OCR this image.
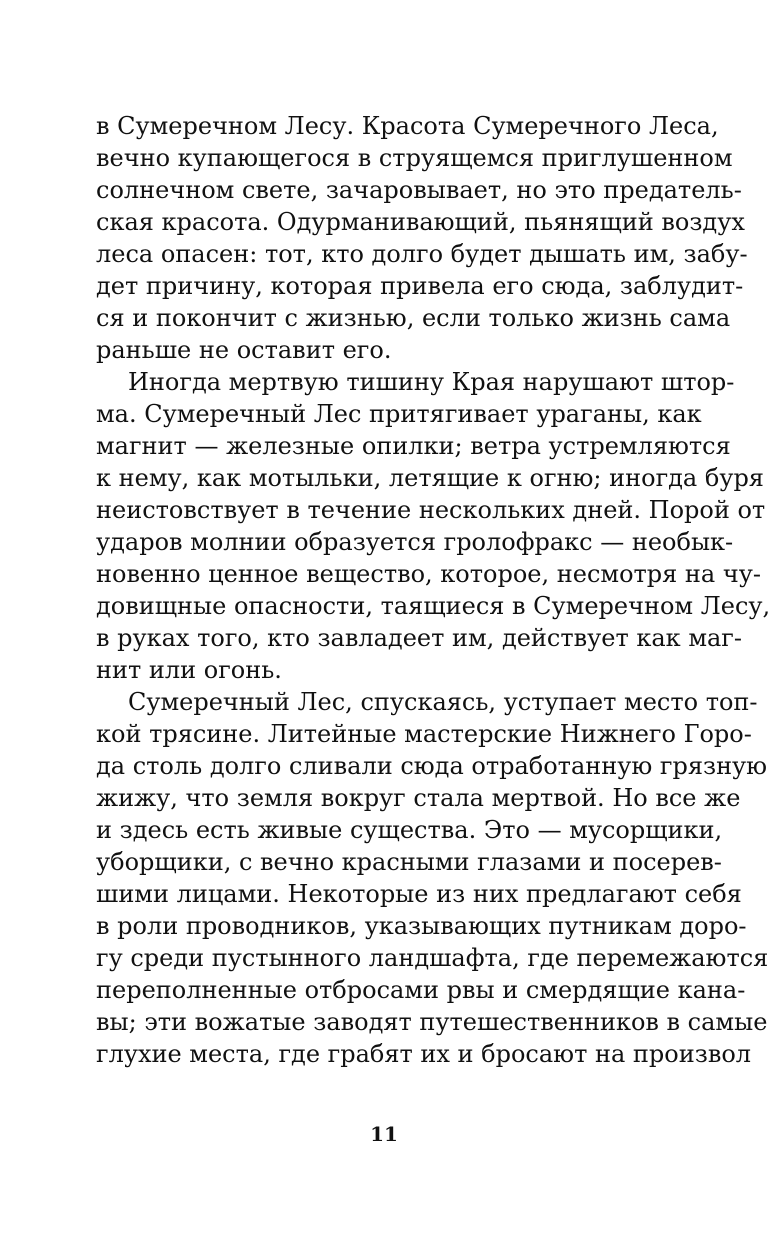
в Сумеречном Лесу. Красота Сумеречного Леса,
вечно купающегося в струящемся приглушенном
солнечном свете, зачаровывает, но это предатель-
ская красота. Одурманивающий, пьянящий воздух
леса опасен: тот, кто долго будет дышать им, забу-
дет причину, которая привела его сюда, заблудит-
ся и покончит с жизнью, если только жизнь сама
раньше не оставит его.
Иногда мертвую тишину Края нарушают штор-
ма. Сумеречный Лес притягивает ураганы, как
магнит — железные опилки; ветра устремляются
к нему, как мотыльки, летящие к огню; иногда буря
неистовствует в течение нескольких дней. Порой от
ударов молнии образуется гролофракс — необык-
новенно ценное вещество, которое, несмотря на чу-
довищные опасности, таящиеся в Сумеречном Лесу,
в руках того, кто завладеет им, действует как маг-
нит или огонь.
Сумеречный Лес, спускаясь, уступает место топ-
кой трясине. Литейные мастерские Нижнего Горо-
да столь долго сливали сюда отработанную грязную
жижу, что земля вокруг стала мертвой. Но все же
и здесь есть живые существа. Это — мусорщики,
уборщики, с вечно красными глазами и посерев-
шими лицами. Некоторые из них предлагают себя
в роли проводников, указывающих путникам доро-
гу среди пустынного ландшафта, где перемежаются
переполненные отбросами рвы и смердящие кана-
вы; эти вожатые заводят путешественников в самые
глухие места, где грабят их и бросают на произвол
11
